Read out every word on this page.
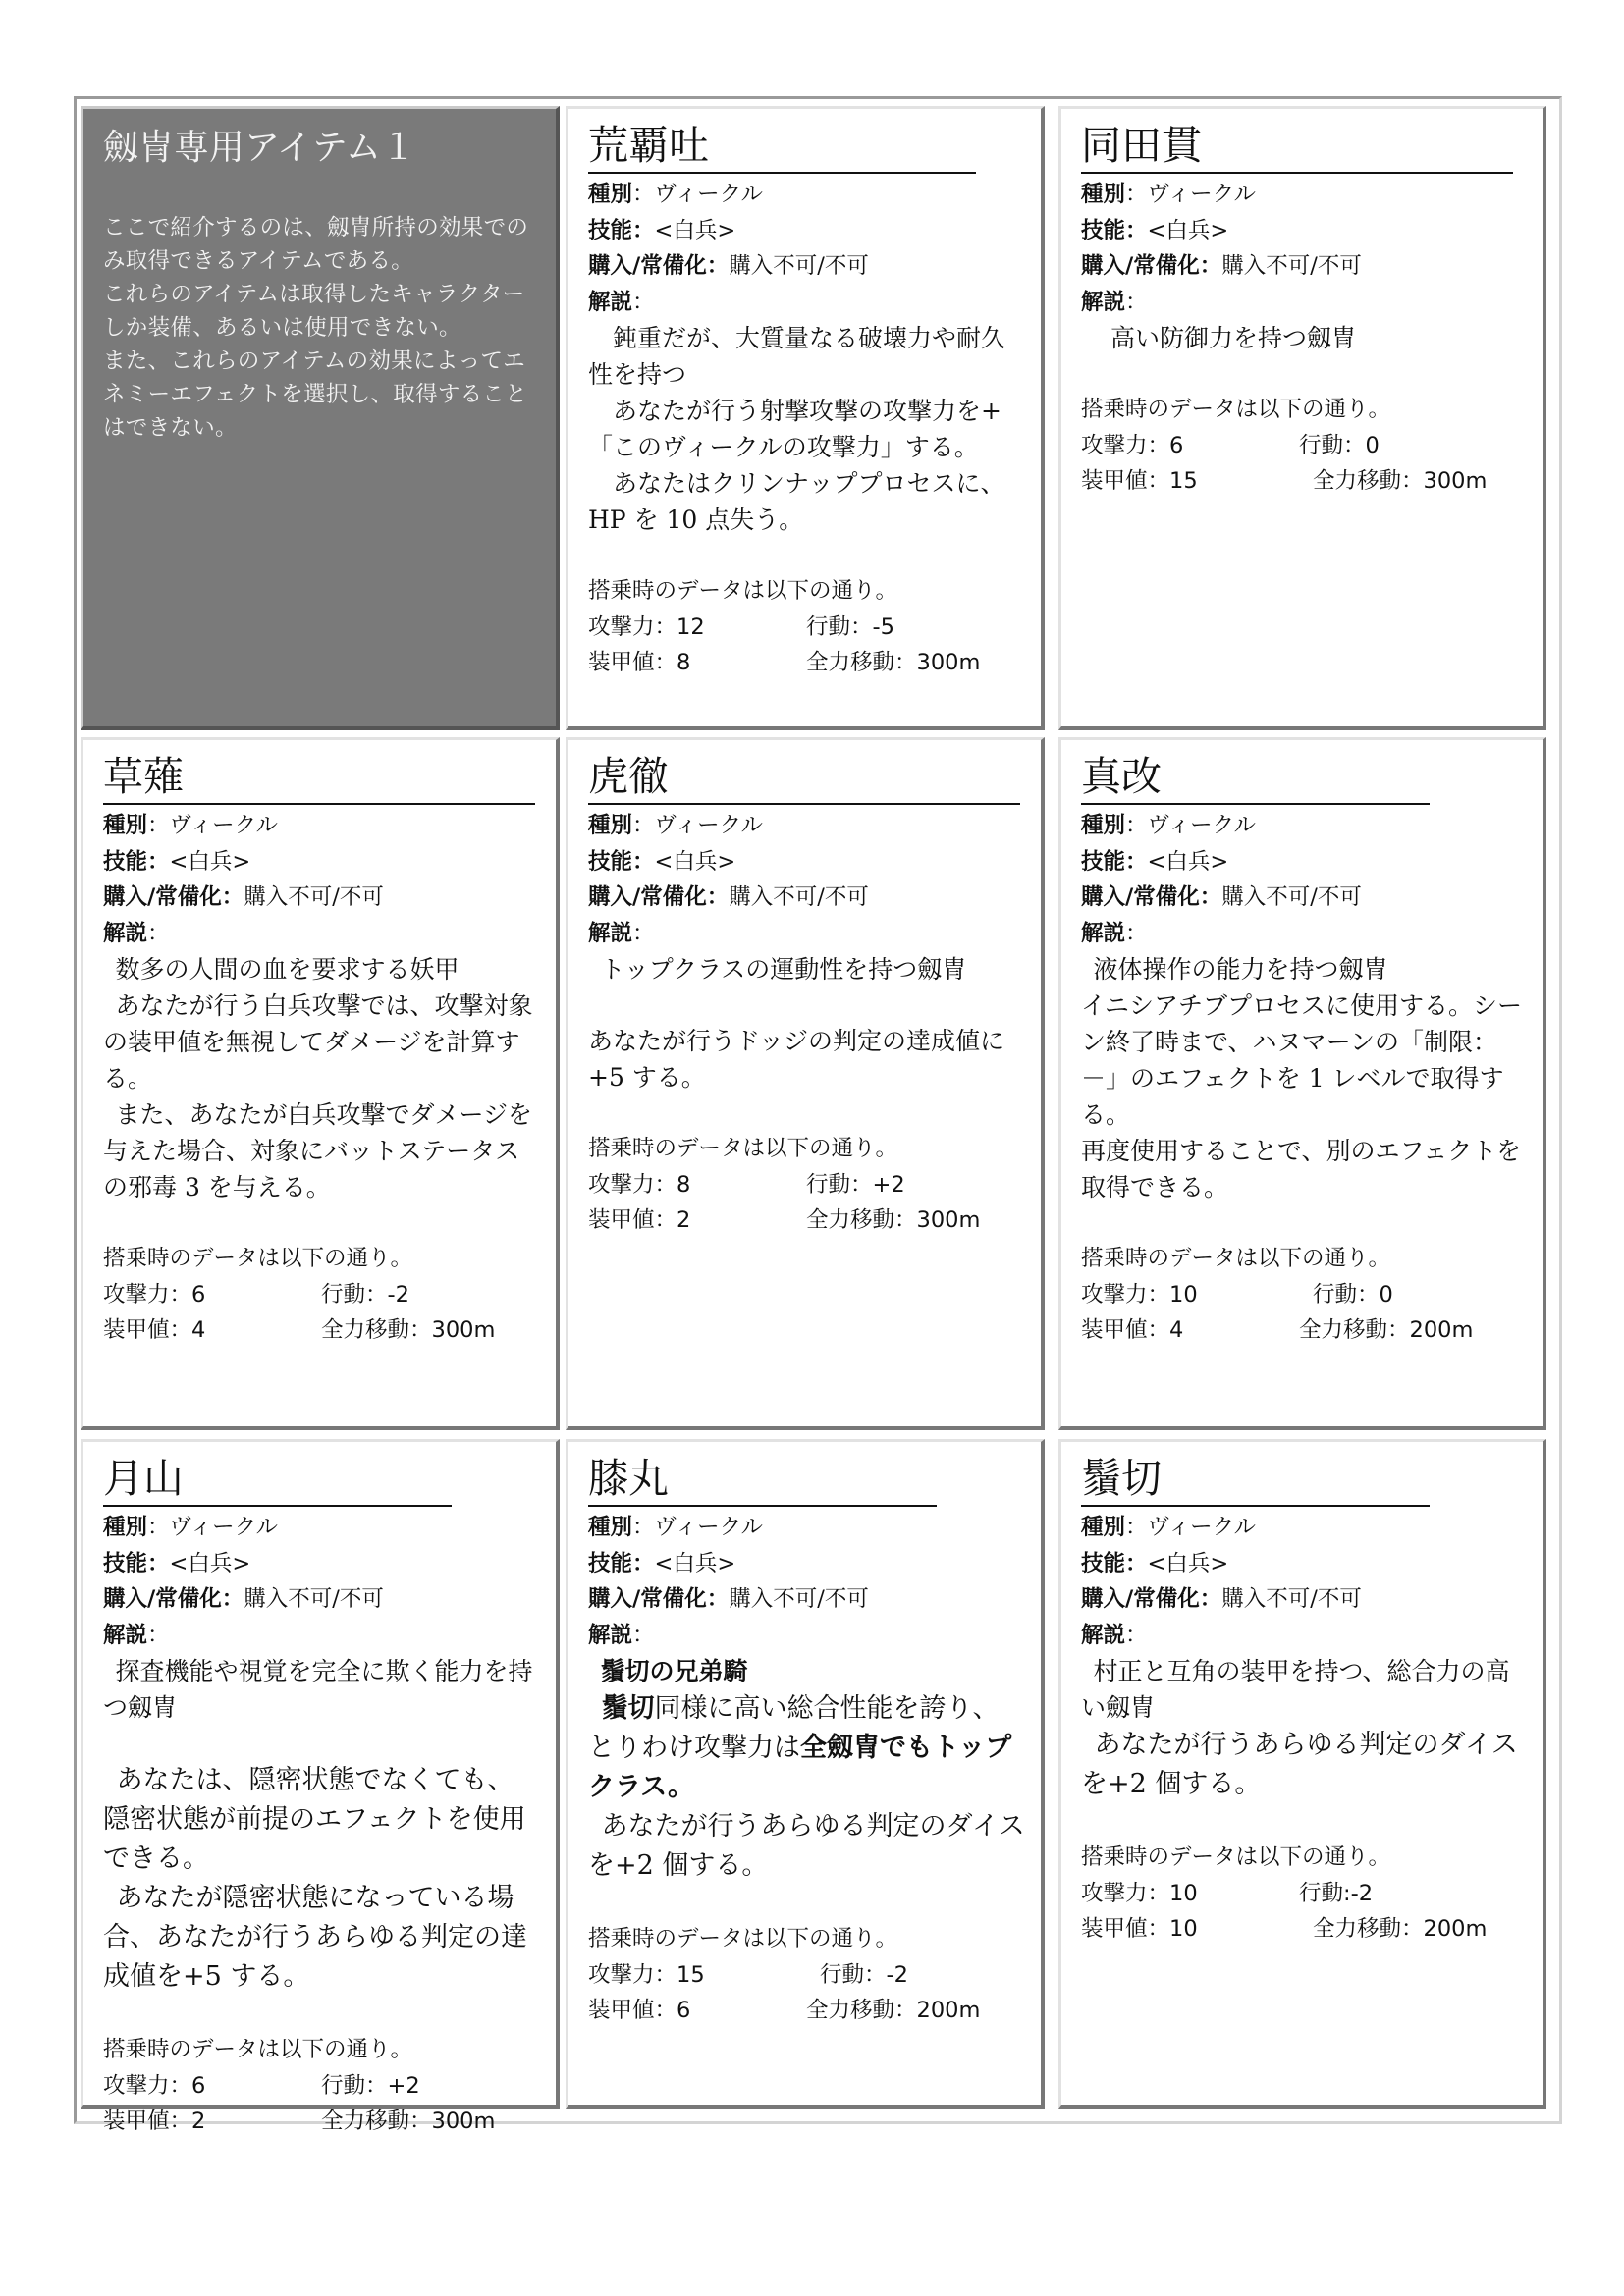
劔冑専用アイテム１
ここで紹介するのは、劔冑所持の効果でのみ取得できるアイテムである。
これらのアイテムは取得したキャラクターしか装備、あるいは使用できない。
また、これらのアイテムの効果によってエネミーエフェクトを選択し、取得することはできない。
荒覇吐
種別：ヴィークル
技能：<白兵>
購入/常備化：購入不可/不可
解説：

鈍重だが、大質量なる破壊力や耐久性を持つ

あなたが行う射撃攻撃の攻撃力を+「このヴィークルの攻撃力」する。

あなたはクリンナッププロセスに、HP を 10 点失う。

搭乗時のデータは以下の通り。
攻撃力：12	行動：-5
装甲値：8	全力移動：300m
同田貫
種別：ヴィークル
技能：<白兵>
購入/常備化：購入不可/不可
解説：

高い防御力を持つ劔冑

搭乗時のデータは以下の通り。
攻撃力：6	行動：0
装甲値：15	全力移動：300m
草薙
種別：ヴィークル
技能：<白兵>
購入/常備化：購入不可/不可
解説：

数多の人間の血を要求する妖甲

あなたが行う白兵攻撃では、攻撃対象の装甲値を無視してダメージを計算する。

また、あなたが白兵攻撃でダメージを与えた場合、対象にバットステータスの邪毒 3 を与える。

搭乗時のデータは以下の通り。
攻撃力：6	行動：-2
装甲値：4	全力移動：300m
虎徹
種別：ヴィークル
技能：<白兵>
購入/常備化：購入不可/不可
解説：

トップクラスの運動性を持つ劔冑

あなたが行うドッジの判定の達成値に+5 する。

搭乗時のデータは以下の通り。
攻撃力：8	行動：+2
装甲値：2	全力移動：300m
真改
種別：ヴィークル
技能：<白兵>
購入/常備化：購入不可/不可
解説：

液体操作の能力を持つ劔冑

イニシアチブプロセスに使用する。シーン終了時まで、ハヌマーンの「制限：－」のエフェクトを 1 レベルで取得する。

再度使用することで、別のエフェクトを取得できる。

搭乗時のデータは以下の通り。
攻撃力：10	行動：0
装甲値：4	全力移動：200m
月山
種別：ヴィークル
技能：<白兵>
購入/常備化：購入不可/不可
解説：

探査機能や視覚を完全に欺く能力を持つ劔冑

あなたは、隠密状態でなくても、隠密状態が前提のエフェクトを使用できる。

あなたが隠密状態になっている場合、あなたが行うあらゆる判定の達成値を+5 する。

搭乗時のデータは以下の通り。
攻撃力：6	行動：+2
装甲値：2	全力移動：300m
膝丸
種別：ヴィークル
技能：<白兵>
購入/常備化：購入不可/不可
解説：

鬚切の兄弟騎

鬚切同様に高い総合性能を誇り、とりわけ攻撃力は全劔冑でもトップクラス。

あなたが行うあらゆる判定のダイスを+2 個する。

搭乗時のデータは以下の通り。
攻撃力：15	行動：-2
装甲値：6	全力移動：200m
鬚切
種別：ヴィークル
技能：<白兵>
購入/常備化：購入不可/不可
解説：

村正と互角の装甲を持つ、総合力の高い劔冑

あなたが行うあらゆる判定のダイスを+2 個する。

搭乗時のデータは以下の通り。
攻撃力：10	行動:-2
装甲値：10	全力移動：200m
